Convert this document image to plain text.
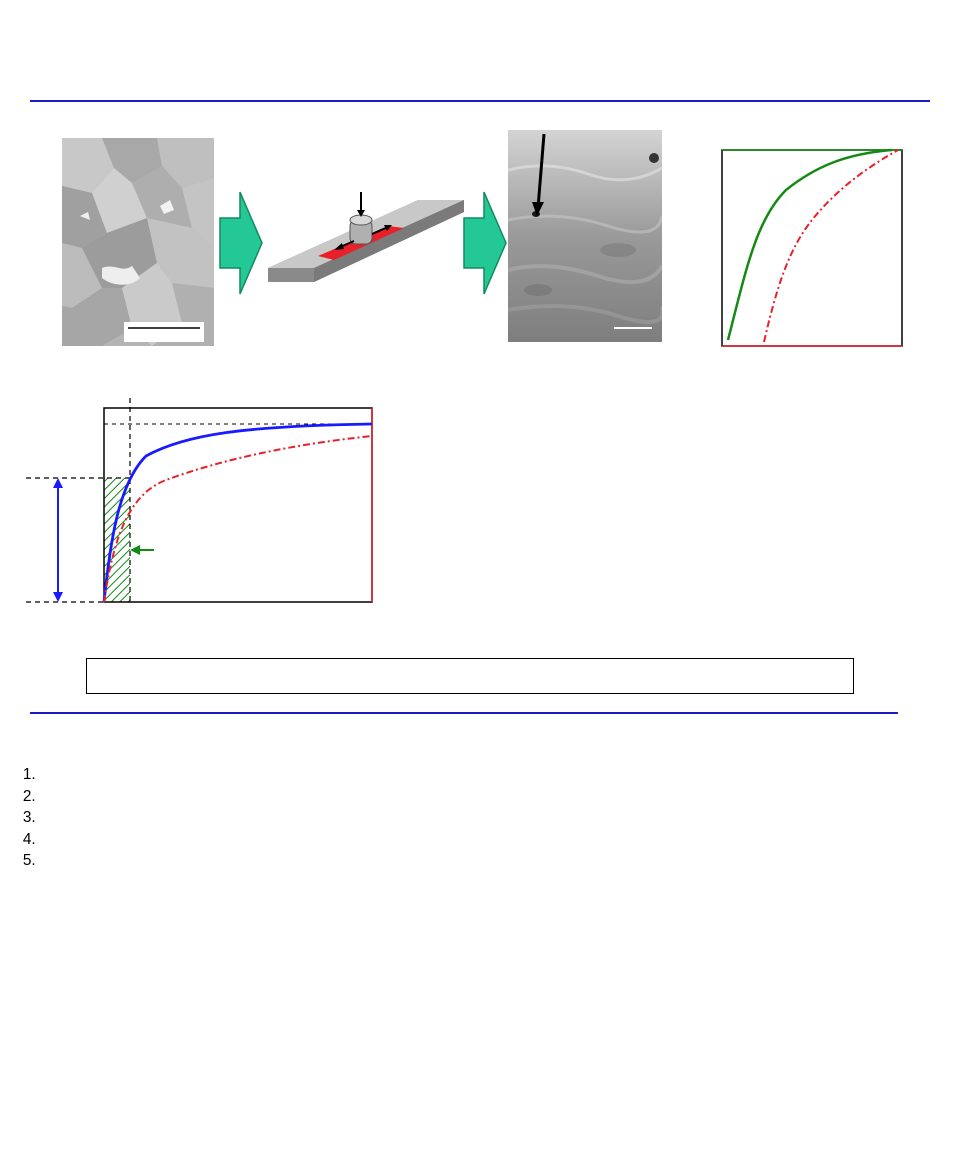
1.
2.
3.
4.
5.
